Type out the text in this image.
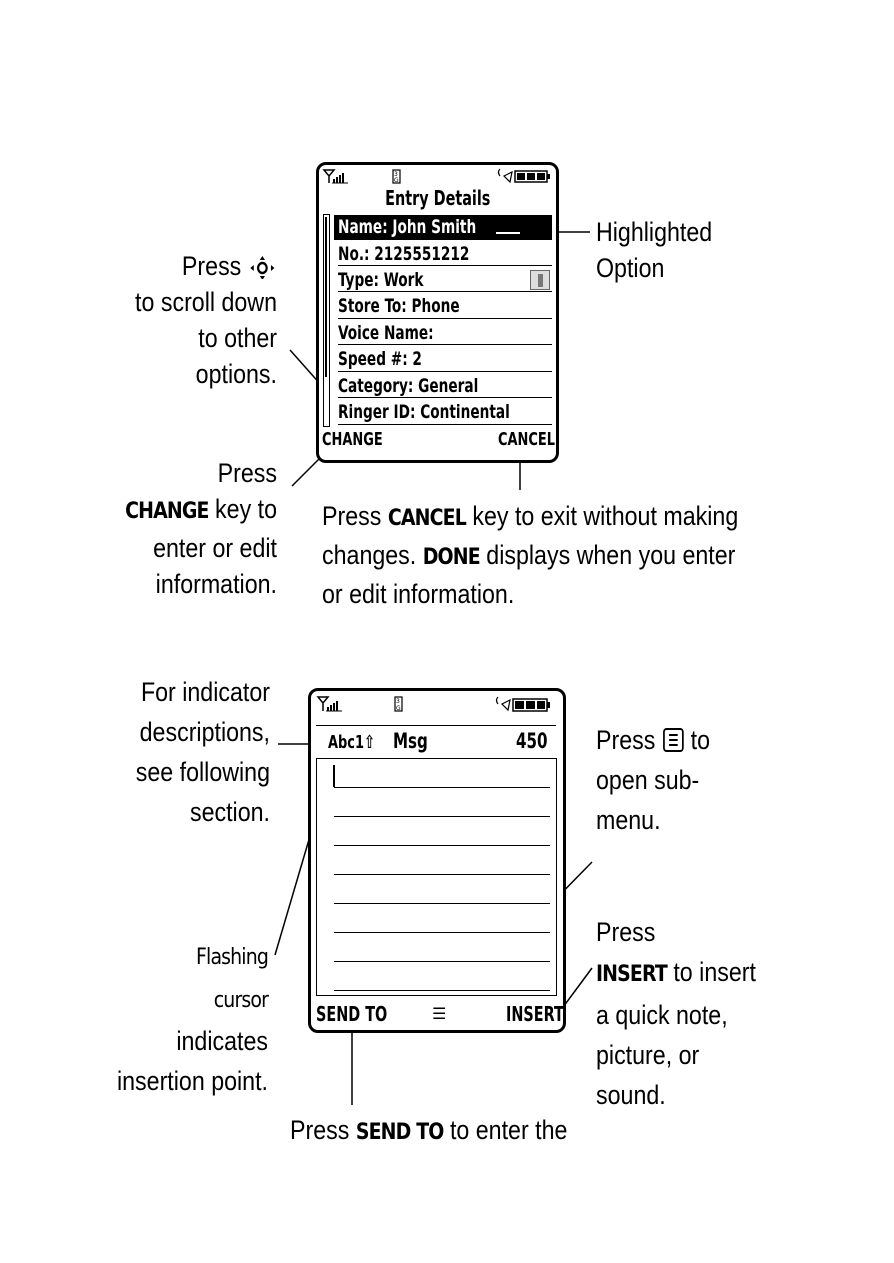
3
G
Entry Details
Name: John Smith
No.: 2125551212
Type: Work
Store To: Phone
Voice Name:
Speed #: 2
Category: General
Ringer ID: Continental
CHANGE	CANCEL
3
G
Abc1⇧ Msg	450
SEND TO	☰	INSERT
Press
to scroll down
to other
options.
Highlighted
Option
Press
CHANGE key to
enter or edit
information.
Press CANCEL key to exit without making
changes. DONE displays when you enter
or edit information.
For indicator
descriptions,
see following
section.
Press to
open sub-
menu.
Flashing
cursor
indicates
insertion point.
Press
INSERT to insert
a quick note,
picture, or
sound.
Press SEND TO to enter the
